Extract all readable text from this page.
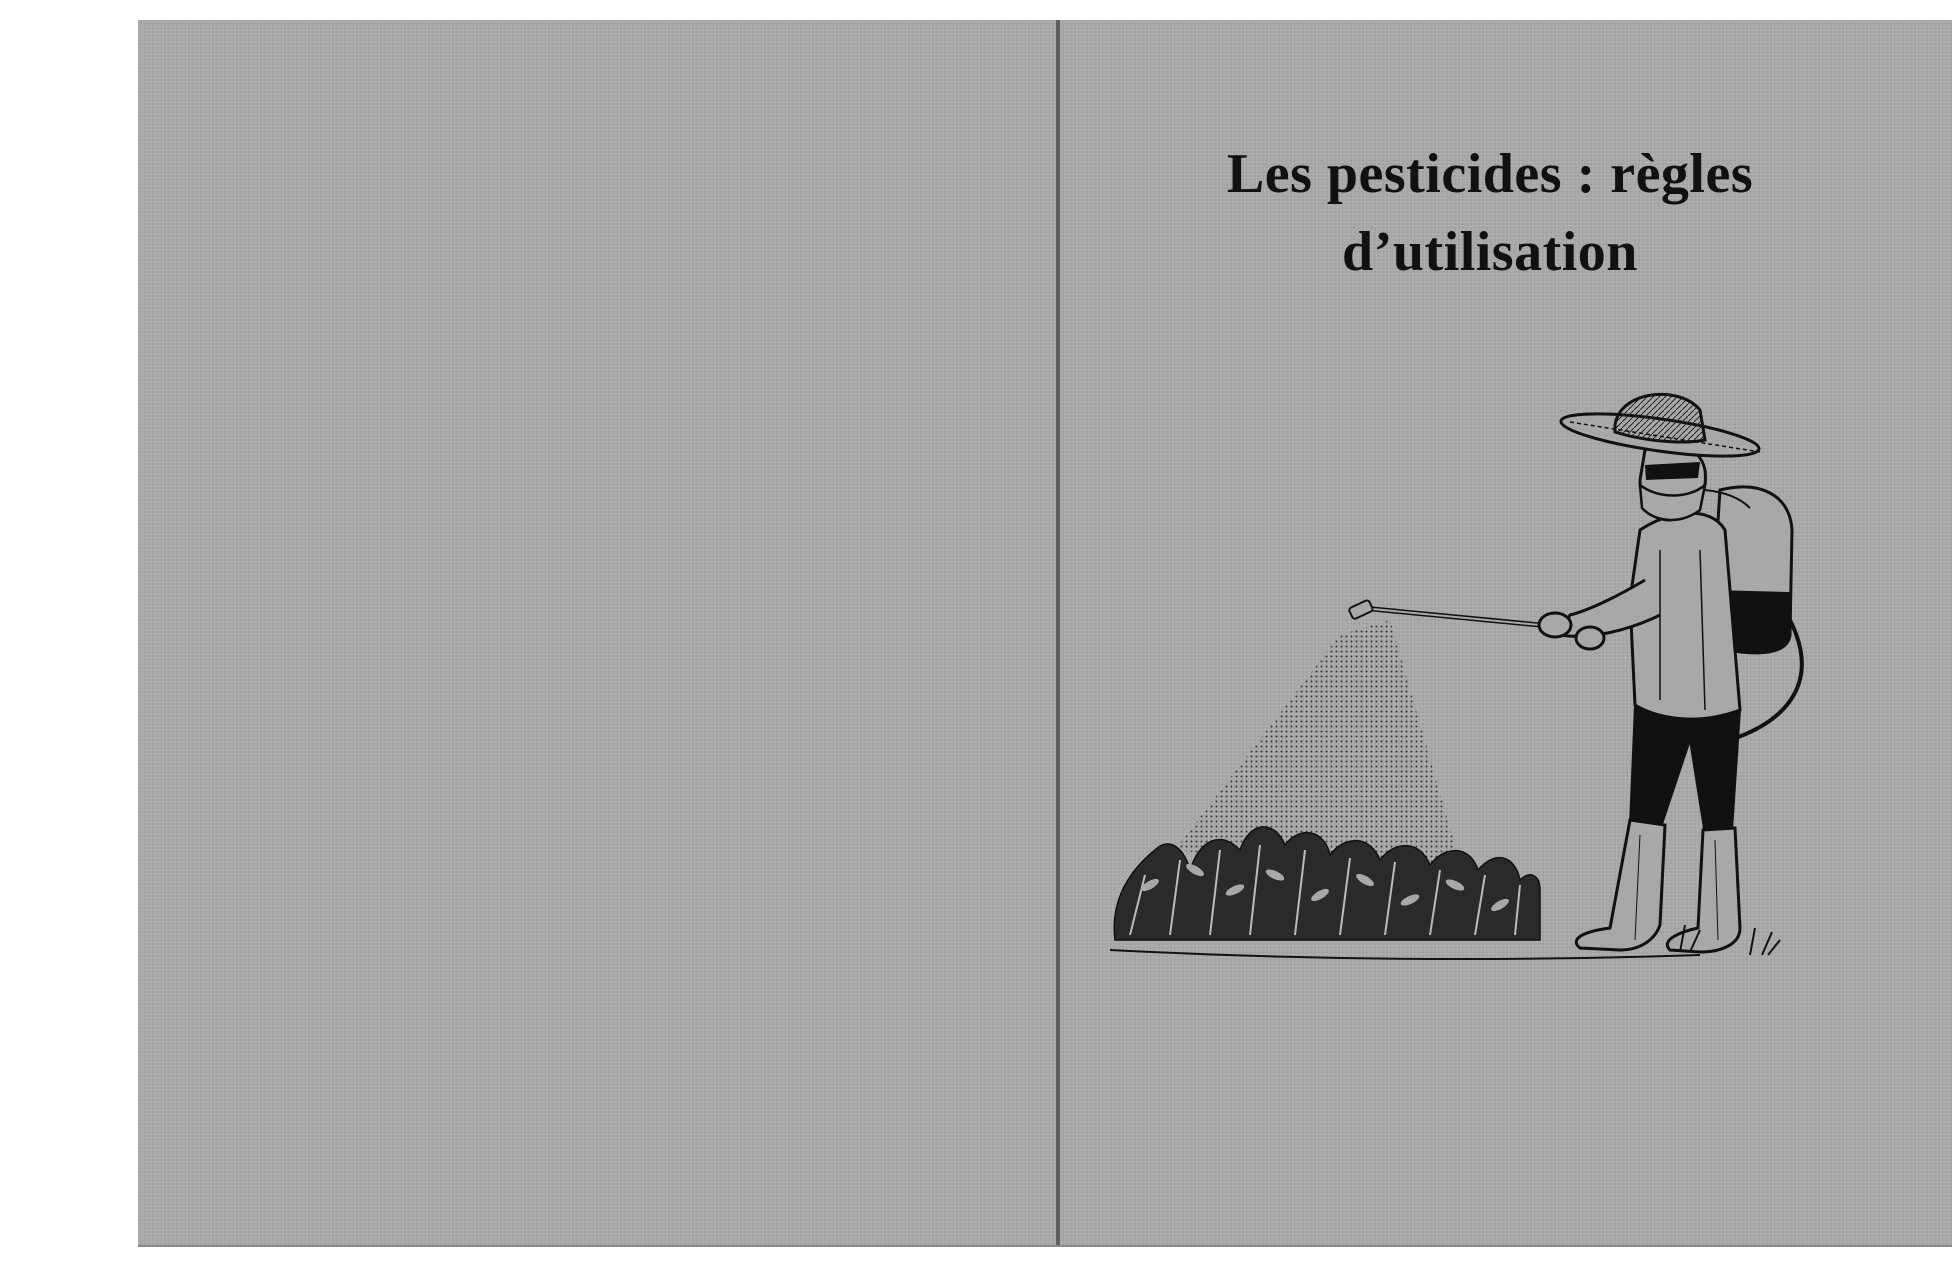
Les pesticides : règles
d’utilisation
